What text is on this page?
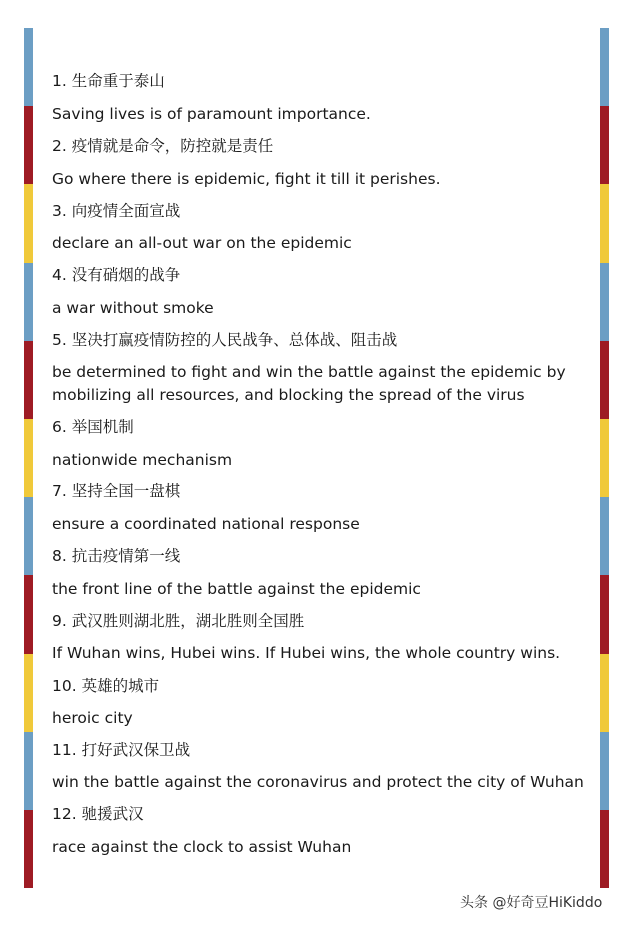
1. 生命重于泰山
Saving lives is of paramount importance.
2. 疫情就是命令，防控就是责任
Go where there is epidemic, fight it till it perishes.
3. 向疫情全面宣战
declare an all-out war on the epidemic
4. 没有硝烟的战争
a war without smoke
5. 坚决打赢疫情防控的人民战争、总体战、阻击战
be determined to fight and win the battle against the epidemic by mobilizing all resources, and blocking the spread of the virus
6. 举国机制
nationwide mechanism
7. 坚持全国一盘棋
ensure a coordinated national response
8. 抗击疫情第一线
the front line of the battle against the epidemic
9. 武汉胜则湖北胜，湖北胜则全国胜
If Wuhan wins, Hubei wins. If Hubei wins, the whole country wins.
10. 英雄的城市
heroic city
11. 打好武汉保卫战
win the battle against the coronavirus and protect the city of Wuhan
12. 驰援武汉
race against the clock to assist Wuhan
头条 @好奇豆HiKiddo
